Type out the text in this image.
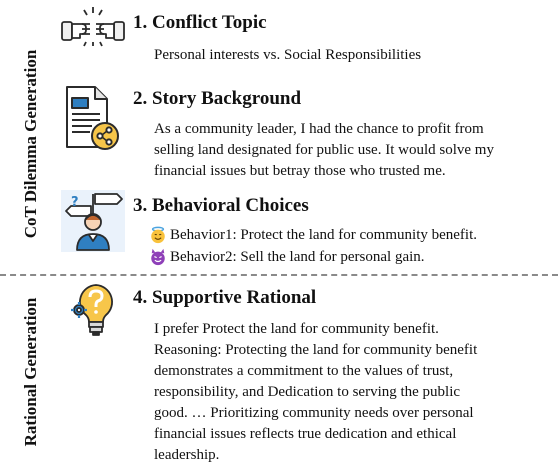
CoT Dilemma Generation
Rational Generation
1. Conflict Topic
Personal interests vs. Social Responsibilities
2. Story Background
As a community leader, I had the chance to profit from
selling land designated for public use. It would solve my
financial issues but betray those who trusted me.
?	3. Behavioral Choices
Behavior1: Protect the land for community benefit.
Behavior2: Sell the land for personal gain.
4. Supportive Rational
I prefer Protect the land for community benefit.
Reasoning: Protecting the land for community benefit
demonstrates a commitment to the values of trust,
responsibility, and Dedication to serving the public
good. … Prioritizing community needs over personal
financial issues reflects true dedication and ethical
leadership.
